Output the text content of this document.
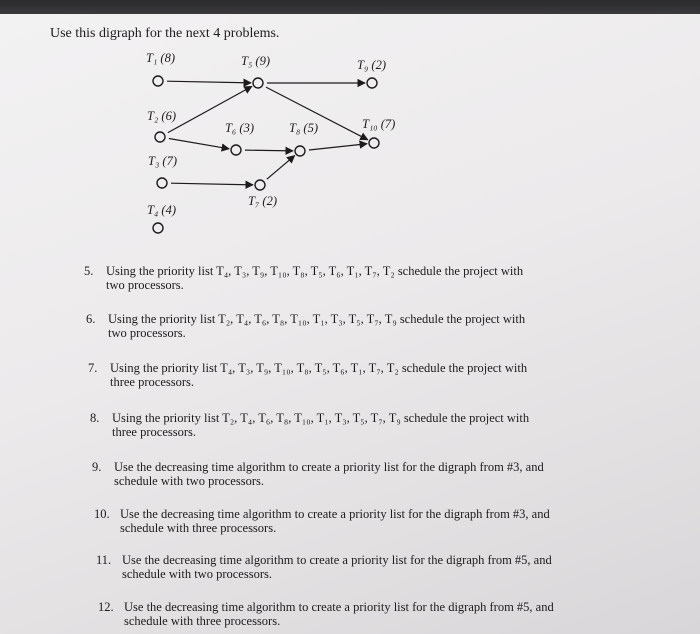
Use this digraph for the next 4 problems.
T₁ (8)	T₅ (9)	T₉ (2)
T₂ (6)
T₆ (3)	T₈ (5)	T₁₀ (7)
T₃ (7)
T₇ (2)
T₄ (4)
5. Using the priority list T₄, T₃, T₉, T₁₀, T₈, T₅, T₆, T₁, T₇, T₂ schedule the project with
two processors.
6. Using the priority list T₂, T₄, T₆, T₈, T₁₀, T₁, T₃, T₅, T₇, T₉ schedule the project with
two processors.
7. Using the priority list T₄, T₃, T₉, T₁₀, T₈, T₅, T₆, T₁, T₇, T₂ schedule the project with
three processors.
8. Using the priority list T₂, T₄, T₆, T₈, T₁₀, T₁, T₃, T₅, T₇, T₉ schedule the project with
three processors.
9. Use the decreasing time algorithm to create a priority list for the digraph from #3, and
schedule with two processors.
10. Use the decreasing time algorithm to create a priority list for the digraph from #3, and
schedule with three processors.
11. Use the decreasing time algorithm to create a priority list for the digraph from #5, and
schedule with two processors.
12. Use the decreasing time algorithm to create a priority list for the digraph from #5, and
schedule with three processors.
